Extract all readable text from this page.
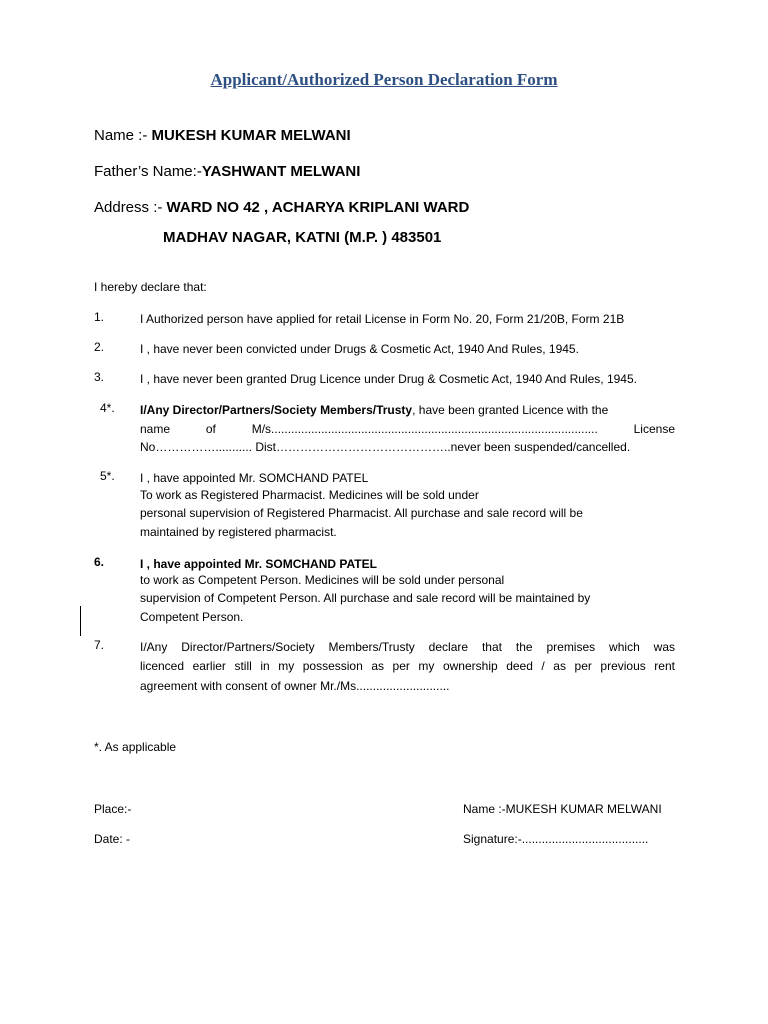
Applicant/Authorized Person Declaration Form
Name :- MUKESH KUMAR MELWANI
Father’s Name:-YASHWANT MELWANI
Address :- WARD NO 42 , ACHARYA KRIPLANI WARD
MADHAV NAGAR, KATNI (M.P. ) 483501
I hereby declare that:
1.	I Authorized person have applied for retail License in Form No. 20, Form 21/20B, Form 21B
2.	I , have never been convicted under Drugs & Cosmetic Act, 1940 And Rules, 1945.
3.	I , have never been granted Drug Licence under Drug & Cosmetic Act, 1940 And Rules, 1945.
4*. I/Any Director/Partners/Society Members/Trusty, have been granted Licence with the
name of M/s.................................................................................................. License
No……………........... Dist……………………………………..never been suspended/cancelled.
5*. I , have appointed Mr. SOMCHAND PATEL
To work as Registered Pharmacist. Medicines will be sold under
personal supervision of Registered Pharmacist. All purchase and sale record will be
maintained by registered pharmacist.
6.	I , have appointed Mr. SOMCHAND PATEL
to work as Competent Person. Medicines will be sold under personal
supervision of Competent Person. All purchase and sale record will be maintained by
Competent Person.
7.	I/Any Director/Partners/Society Members/Trusty declare that the premises which was
licenced earlier still in my possession as per my ownership deed / as per previous rent
agreement with consent of owner Mr./Ms............................
*. As applicable
Place:-	Name :-MUKESH KUMAR MELWANI
Date: -	Signature:-......................................
